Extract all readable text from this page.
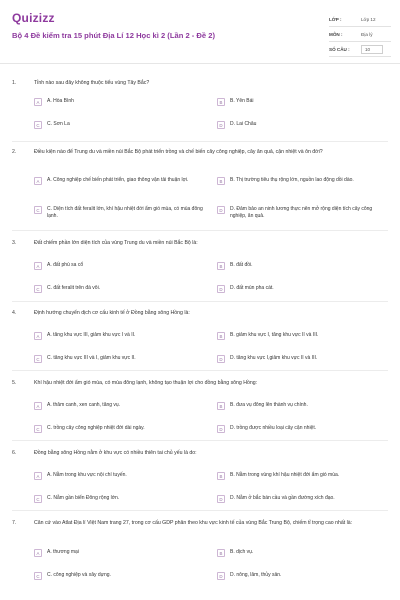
Quizizz
Bộ 4 Đề kiểm tra 15 phút Địa Lí 12 Học kì 2 (Lần 2 - Đề 2)
LỚP :	Lớp 12
MÔN :	Địa lý
SỐ CÂU :	10
1.	Tỉnh nào sau đây không thuộc tiểu vùng Tây Bắc?
A	A. Hòa Bình	B	B. Yên Bái
C	C. Sơn La	D	D. Lai Châu
2.	Điều kiện nào để Trung du và miền núi Bắc Bộ phát triển trồng và chế biến cây công nghiệp, cây ăn quả, cận nhiệt và ôn đới?
A	A. Công nghiệp chế biến phát triển, giao thông vận tải thuận lợi.	B	B. Thị trường tiêu thụ rộng lớn, nguồn lao động dồi dào.
C	C. Diện tích đất feralit lớn, khí hậu nhiệt đới ẩm gió mùa, có mùa đông lạnh.
D	D. Đảm bảo an ninh lương thực nên mở rộng diện tích cây công nghiệp, ăn quả.
3.	Đất chiếm phần lớn diện tích của vùng Trung du và miền núi Bắc Bộ là:
A	A. đất phù sa cổ	B	B. đất đồi.
C	C. đất feralit trên đá vôi.	D	D. đất mùn pha cát.
4.	Định hướng chuyển dịch cơ cấu kinh tế ở Đồng bằng sông Hồng là:
A	A. tăng khu vực III, giảm khu vực I và II.	B	B. giảm khu vực I, tăng khu vực II và III.
C	C. tăng khu vực III và I, giảm khu vực II.	D	D. tăng khu vực I,giảm khu vực II và III.
5.	Khí hậu nhiệt đới ẩm gió mùa, có mùa đông lạnh, không tạo thuận lợi cho đồng bằng sông Hồng:
A	A. thâm canh, xen canh, tăng vụ.	B	B. đưa vụ đông lên thành vụ chính.
C	C. trồng cây công nghiệp nhiệt đới dài ngày.	D	D. trồng được nhiều loại cây cận nhiệt.
6.	Đồng bằng sông Hồng nằm ở khu vực có nhiều thiên tai chủ yếu là do:
A	A. Nằm trong khu vực nội chí tuyến.	B	B. Nằm trong vùng khí hậu nhiệt đới ẩm gió mùa.
C	C. Nằm gần biển Đông rộng lớn.	D	D. Nằm ở bắc bán cầu và gần đường xích đạo.
7.	Căn cứ vào Atlat Địa lí Việt Nam trang 27, trong cơ cấu GDP phân theo khu vực kinh tế của vùng Bắc Trung Bộ, chiếm tỉ trọng cao nhất là:
A	A. thương mại	B	B. dịch vụ.
C	C. công nghiệp và xây dựng.	D	D. nông, lâm, thủy sản.
